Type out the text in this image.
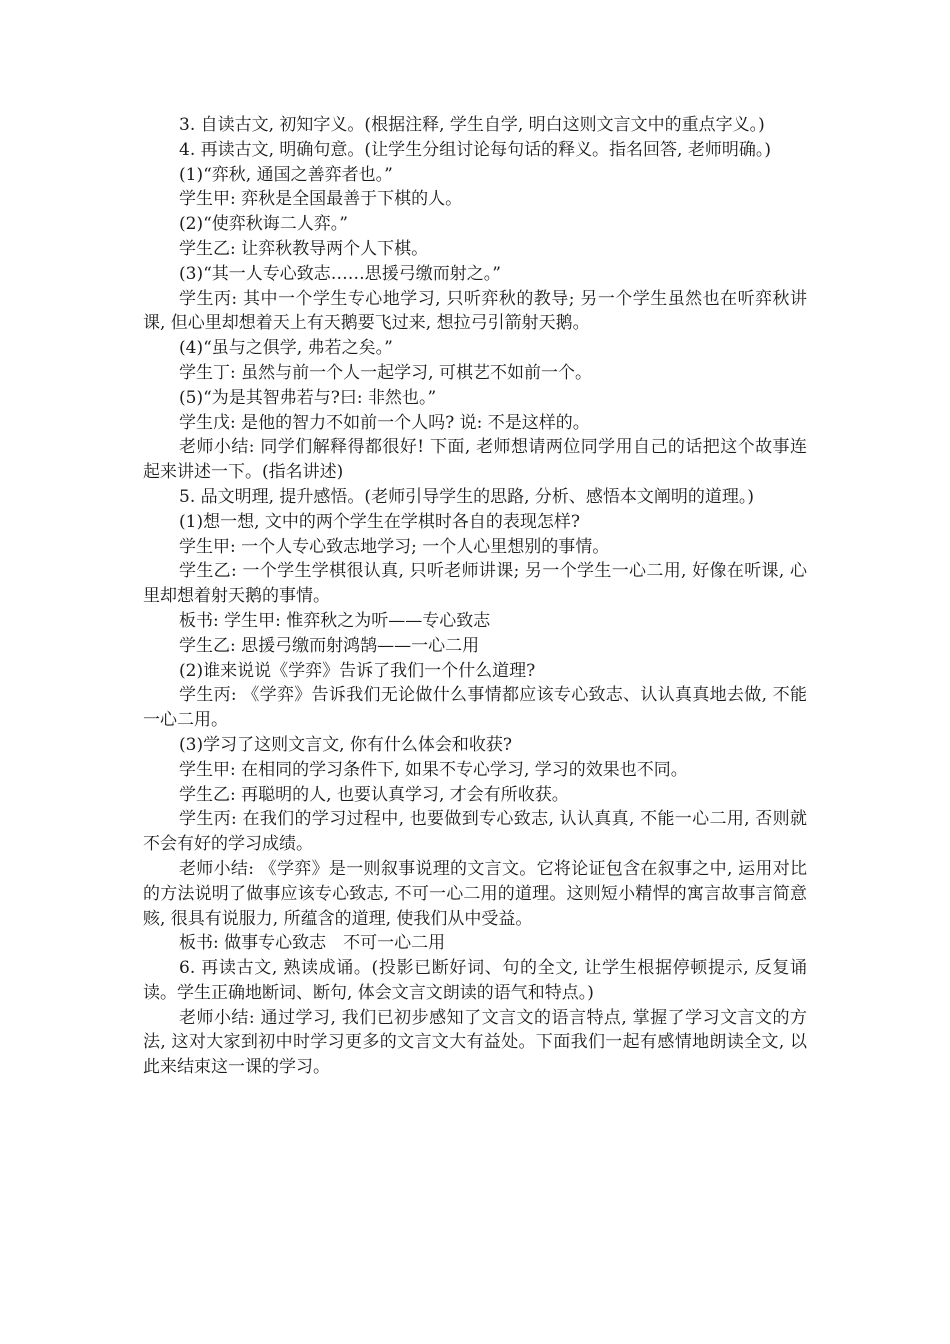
3. 自读古文, 初知字义。(根据注释, 学生自学, 明白这则文言文中的重点字义。)

4. 再读古文, 明确句意。(让学生分组讨论每句话的释义。指名回答, 老师明确。)

(1)“弈秋, 通国之善弈者也。”

学生甲: 弈秋是全国最善于下棋的人。

(2)“使弈秋诲二人弈。”

学生乙: 让弈秋教导两个人下棋。

(3)“其一人专心致志……思援弓缴而射之。”

学生丙: 其中一个学生专心地学习, 只听弈秋的教导; 另一个学生虽然也在听弈秋讲课, 但心里却想着天上有天鹅要飞过来, 想拉弓引箭射天鹅。

(4)“虽与之俱学, 弗若之矣。”

学生丁: 虽然与前一个人一起学习, 可棋艺不如前一个。

(5)“为是其智弗若与?曰: 非然也。”

学生戊: 是他的智力不如前一个人吗? 说: 不是这样的。

老师小结: 同学们解释得都很好! 下面, 老师想请两位同学用自己的话把这个故事连起来讲述一下。(指名讲述)

5. 品文明理, 提升感悟。(老师引导学生的思路, 分析、感悟本文阐明的道理。)

(1)想一想, 文中的两个学生在学棋时各自的表现怎样?

学生甲: 一个人专心致志地学习; 一个人心里想别的事情。

学生乙: 一个学生学棋很认真, 只听老师讲课; 另一个学生一心二用, 好像在听课, 心里却想着射天鹅的事情。

板书: 学生甲: 惟弈秋之为听——专心致志

学生乙: 思援弓缴而射鸿鹄——一心二用

(2)谁来说说《学弈》告诉了我们一个什么道理?

学生丙: 《学弈》告诉我们无论做什么事情都应该专心致志、认认真真地去做, 不能一心二用。

(3)学习了这则文言文, 你有什么体会和收获?

学生甲: 在相同的学习条件下, 如果不专心学习, 学习的效果也不同。

学生乙: 再聪明的人, 也要认真学习, 才会有所收获。

学生丙: 在我们的学习过程中, 也要做到专心致志, 认认真真, 不能一心二用, 否则就不会有好的学习成绩。

老师小结: 《学弈》是一则叙事说理的文言文。它将论证包含在叙事之中, 运用对比的方法说明了做事应该专心致志, 不可一心二用的道理。这则短小精悍的寓言故事言简意赅, 很具有说服力, 所蕴含的道理, 使我们从中受益。

板书: 做事专心致志　不可一心二用

6. 再读古文, 熟读成诵。(投影已断好词、句的全文, 让学生根据停顿提示, 反复诵读。学生正确地断词、断句, 体会文言文朗读的语气和特点。)

老师小结: 通过学习, 我们已初步感知了文言文的语言特点, 掌握了学习文言文的方法, 这对大家到初中时学习更多的文言文大有益处。下面我们一起有感情地朗读全文, 以此来结束这一课的学习。
